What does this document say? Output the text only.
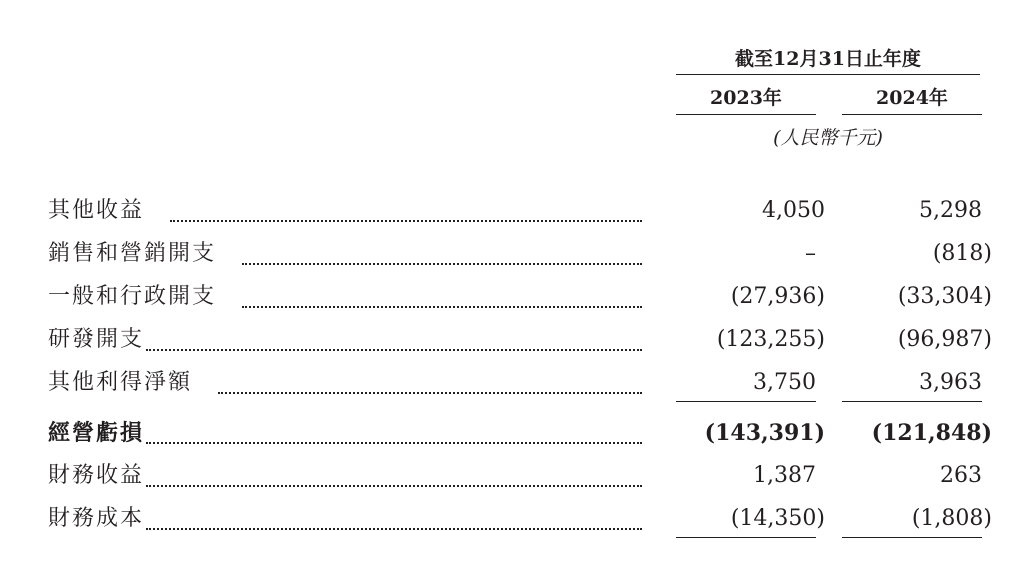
截至12月31日止年度
2023年	2024年
(人民幣千元)
其他收益	4,050	5,298
銷售和營銷開支	–	(818)
一般和行政開支	(27,936)	(33,304)
研發開支	(123,255)	(96,987)
其他利得淨額	3,750	3,963
經營虧損	(143,391) (121,848)
財務收益	1,387	263
財務成本	(14,350)	(1,808)
